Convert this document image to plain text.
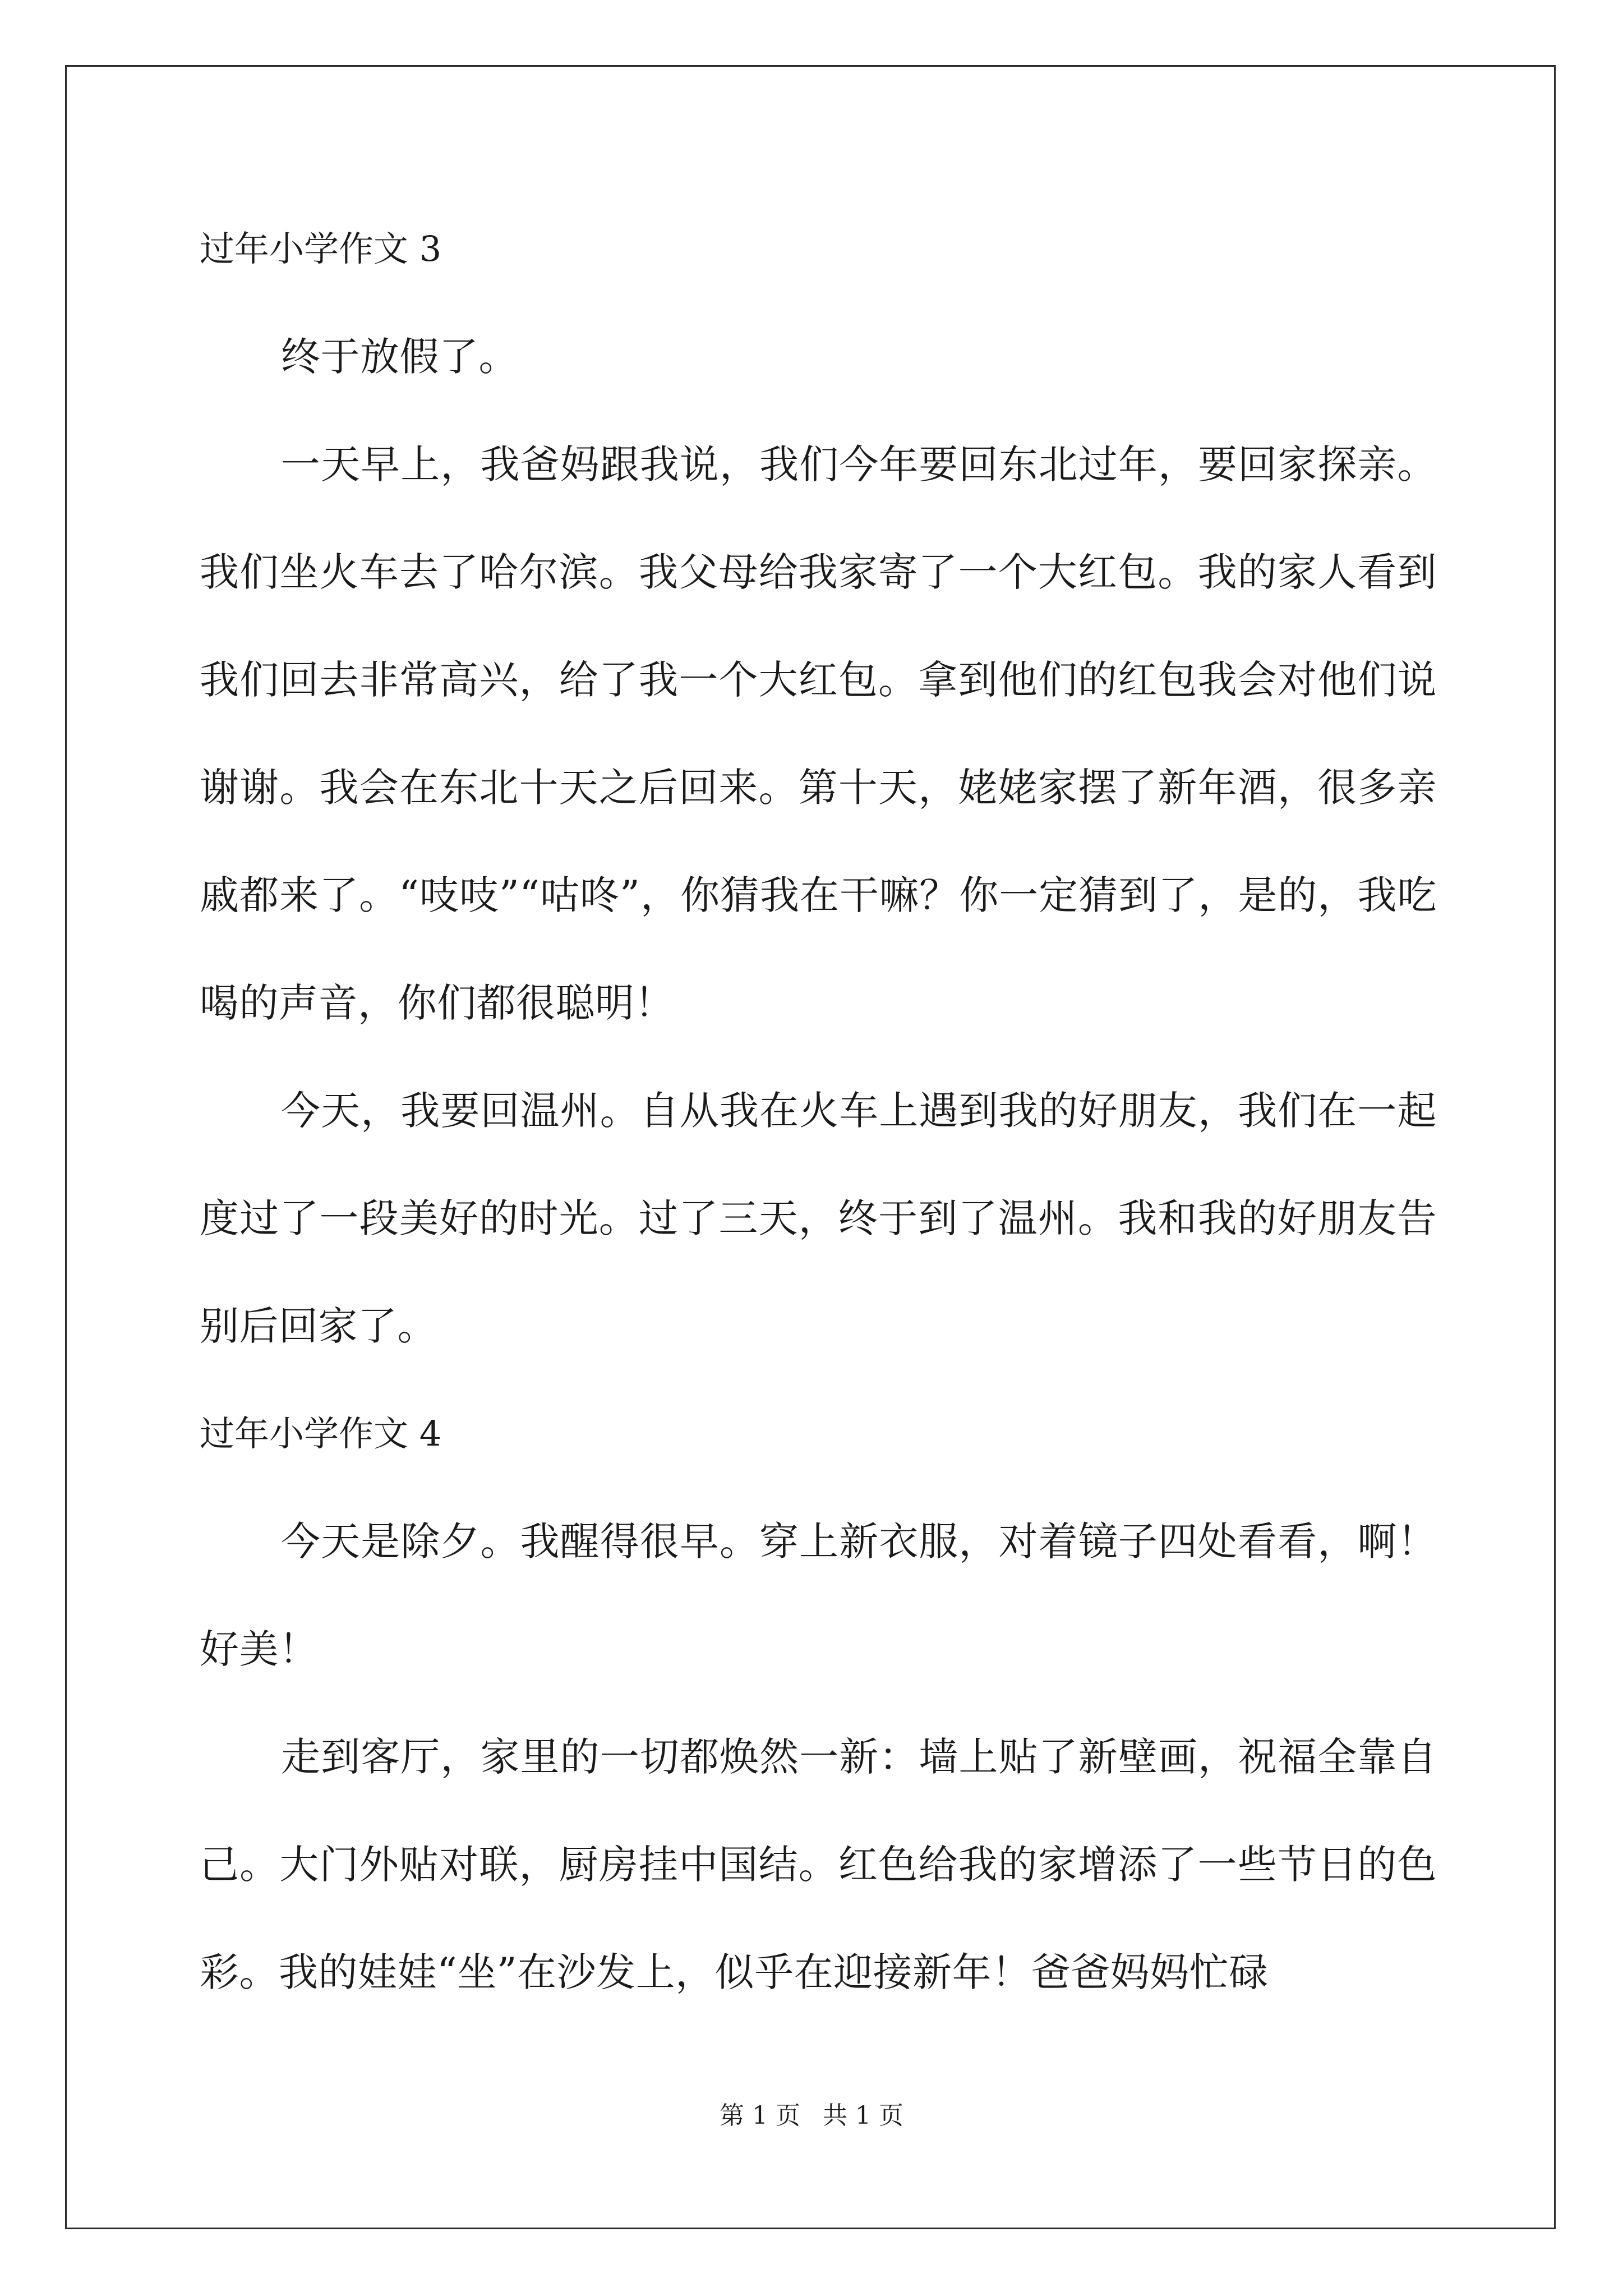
过年小学作文 3

终于放假了。

一天早上，我爸妈跟我说，我们今年要回东北过年，要回家探亲。我们坐火车去了哈尔滨。我父母给我家寄了一个大红包。我的家人看到我们回去非常高兴，给了我一个大红包。拿到他们的红包我会对他们说谢谢。我会在东北十天之后回来。第十天，姥姥家摆了新年酒，很多亲戚都来了。“吱吱”“咕咚”，你猜我在干嘛？你一定猜到了，是的，我吃喝的声音，你们都很聪明！

今天，我要回温州。自从我在火车上遇到我的好朋友，我们在一起度过了一段美好的时光。过了三天，终于到了温州。我和我的好朋友告别后回家了。

过年小学作文 4

今天是除夕。我醒得很早。穿上新衣服，对着镜子四处看看，啊！好美！

走到客厅，家里的一切都焕然一新：墙上贴了新壁画，祝福全靠自己。大门外贴对联，厨房挂中国结。红色给我的家增添了一些节日的色彩。我的娃娃“坐”在沙发上，似乎在迎接新年！爸爸妈妈忙碌

第 1 页 共 1 页
